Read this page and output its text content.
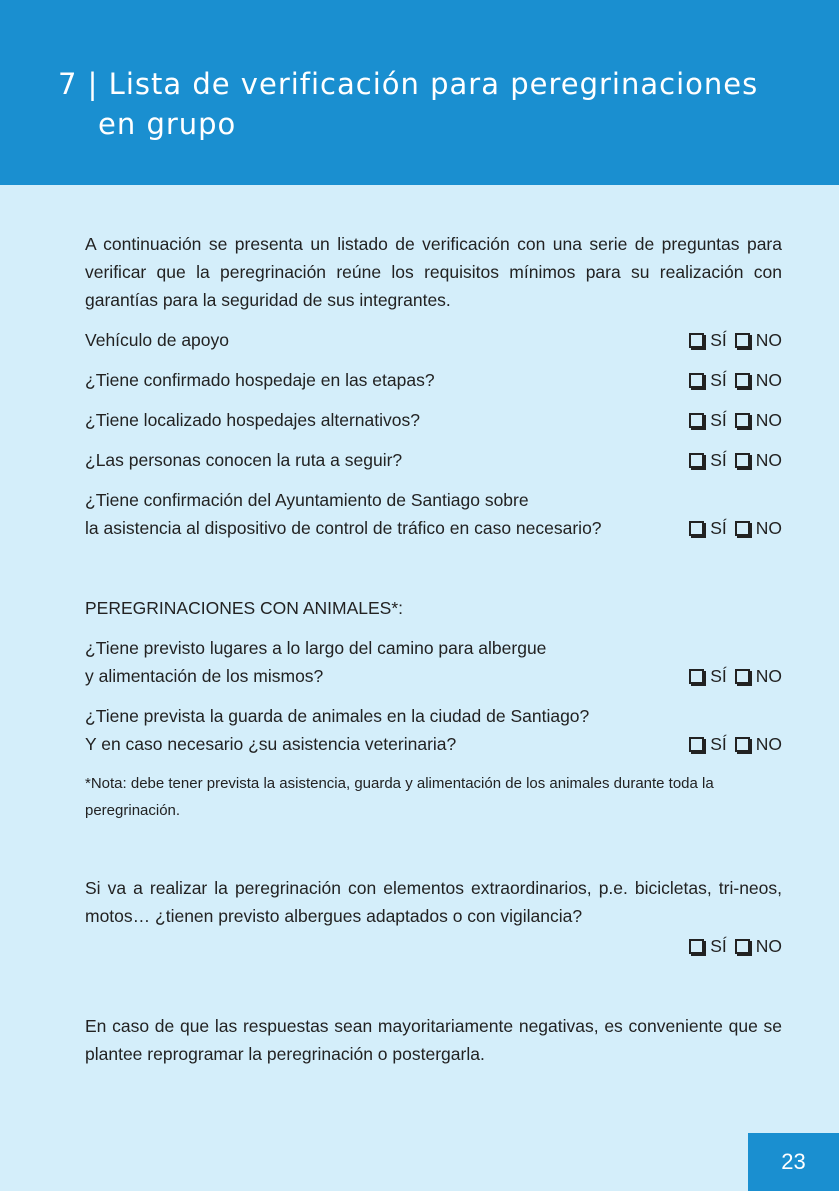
7 | Lista de verificación para peregrinaciones
en grupo

A continuación se presenta un listado de verificación con una serie de preguntas para verificar que la peregrinación reúne los requisitos mínimos para su realización con garantías para la seguridad de sus integrantes.

Vehículo de apoyo	SÍ NO
¿Tiene confirmado hospedaje en las etapas?	SÍ NO
¿Tiene localizado hospedajes alternativos?	SÍ NO
¿Las personas conocen la ruta a seguir?	SÍ NO
¿Tiene confirmación del Ayuntamiento de Santiago sobre
la asistencia al dispositivo de control de tráfico en caso necesario?	SÍ NO
PEREGRINACIONES CON ANIMALES*:
¿Tiene previsto lugares a lo largo del camino para albergue
y alimentación de los mismos?	SÍ NO
¿Tiene prevista la guarda de animales en la ciudad de Santiago?
Y en caso necesario ¿su asistencia veterinaria?	SÍ NO

*Nota: debe tener prevista la asistencia, guarda y alimentación de los animales durante toda la peregrinación.

Si va a realizar la peregrinación con elementos extraordinarios, p.e. bicicletas, tri-neos, motos… ¿tienen previsto albergues adaptados o con vigilancia?

SÍ NO

En caso de que las respuestas sean mayoritariamente negativas, es conveniente que se plantee reprogramar la peregrinación o postergarla.

23
